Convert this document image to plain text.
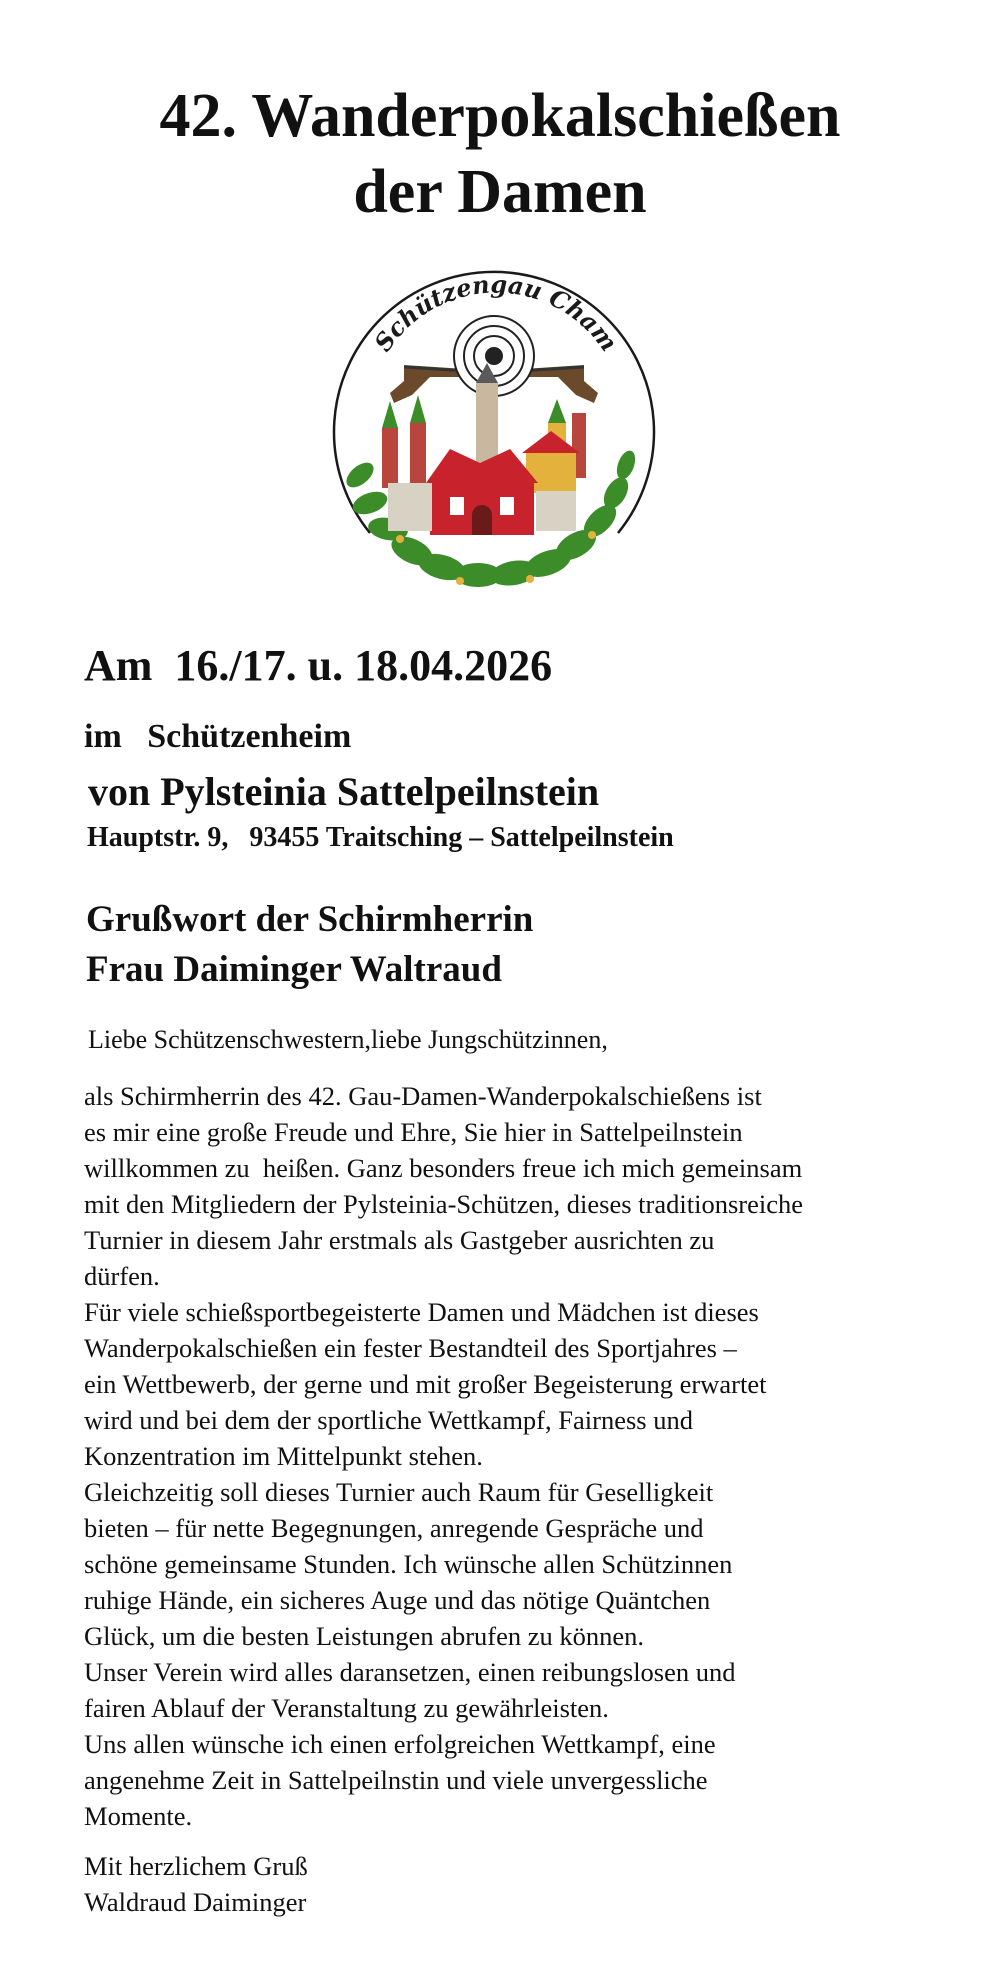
42. Wanderpokalschießen
der Damen
Schützengau Cham
Am  16./17. u. 18.04.2026
im   Schützenheim
von Pylsteinia Sattelpeilnstein
Hauptstr. 9,   93455 Traitsching – Sattelpeilnstein
Grußwort der Schirmherrin
Frau Daiminger Waltraud
Liebe Schützenschwestern,liebe Jungschützinnen,
als Schirmherrin des 42. Gau-Damen-Wanderpokalschießens ist
es mir eine große Freude und Ehre, Sie hier in Sattelpeilnstein
willkommen zu  heißen. Ganz besonders freue ich mich gemeinsam
mit den Mitgliedern der Pylsteinia-Schützen, dieses traditionsreiche
Turnier in diesem Jahr erstmals als Gastgeber ausrichten zu
dürfen.
Für viele schießsportbegeisterte Damen und Mädchen ist dieses
Wanderpokalschießen ein fester Bestandteil des Sportjahres –
ein Wettbewerb, der gerne und mit großer Begeisterung erwartet
wird und bei dem der sportliche Wettkampf, Fairness und
Konzentration im Mittelpunkt stehen.
Gleichzeitig soll dieses Turnier auch Raum für Geselligkeit
bieten – für nette Begegnungen, anregende Gespräche und
schöne gemeinsame Stunden. Ich wünsche allen Schützinnen
ruhige Hände, ein sicheres Auge und das nötige Quäntchen
Glück, um die besten Leistungen abrufen zu können.
Unser Verein wird alles daransetzen, einen reibungslosen und
fairen Ablauf der Veranstaltung zu gewährleisten.
Uns allen wünsche ich einen erfolgreichen Wettkampf, eine
angenehme Zeit in Sattelpeilnstin und viele unvergessliche
Momente.
Mit herzlichem Gruß
Waldraud Daiminger
